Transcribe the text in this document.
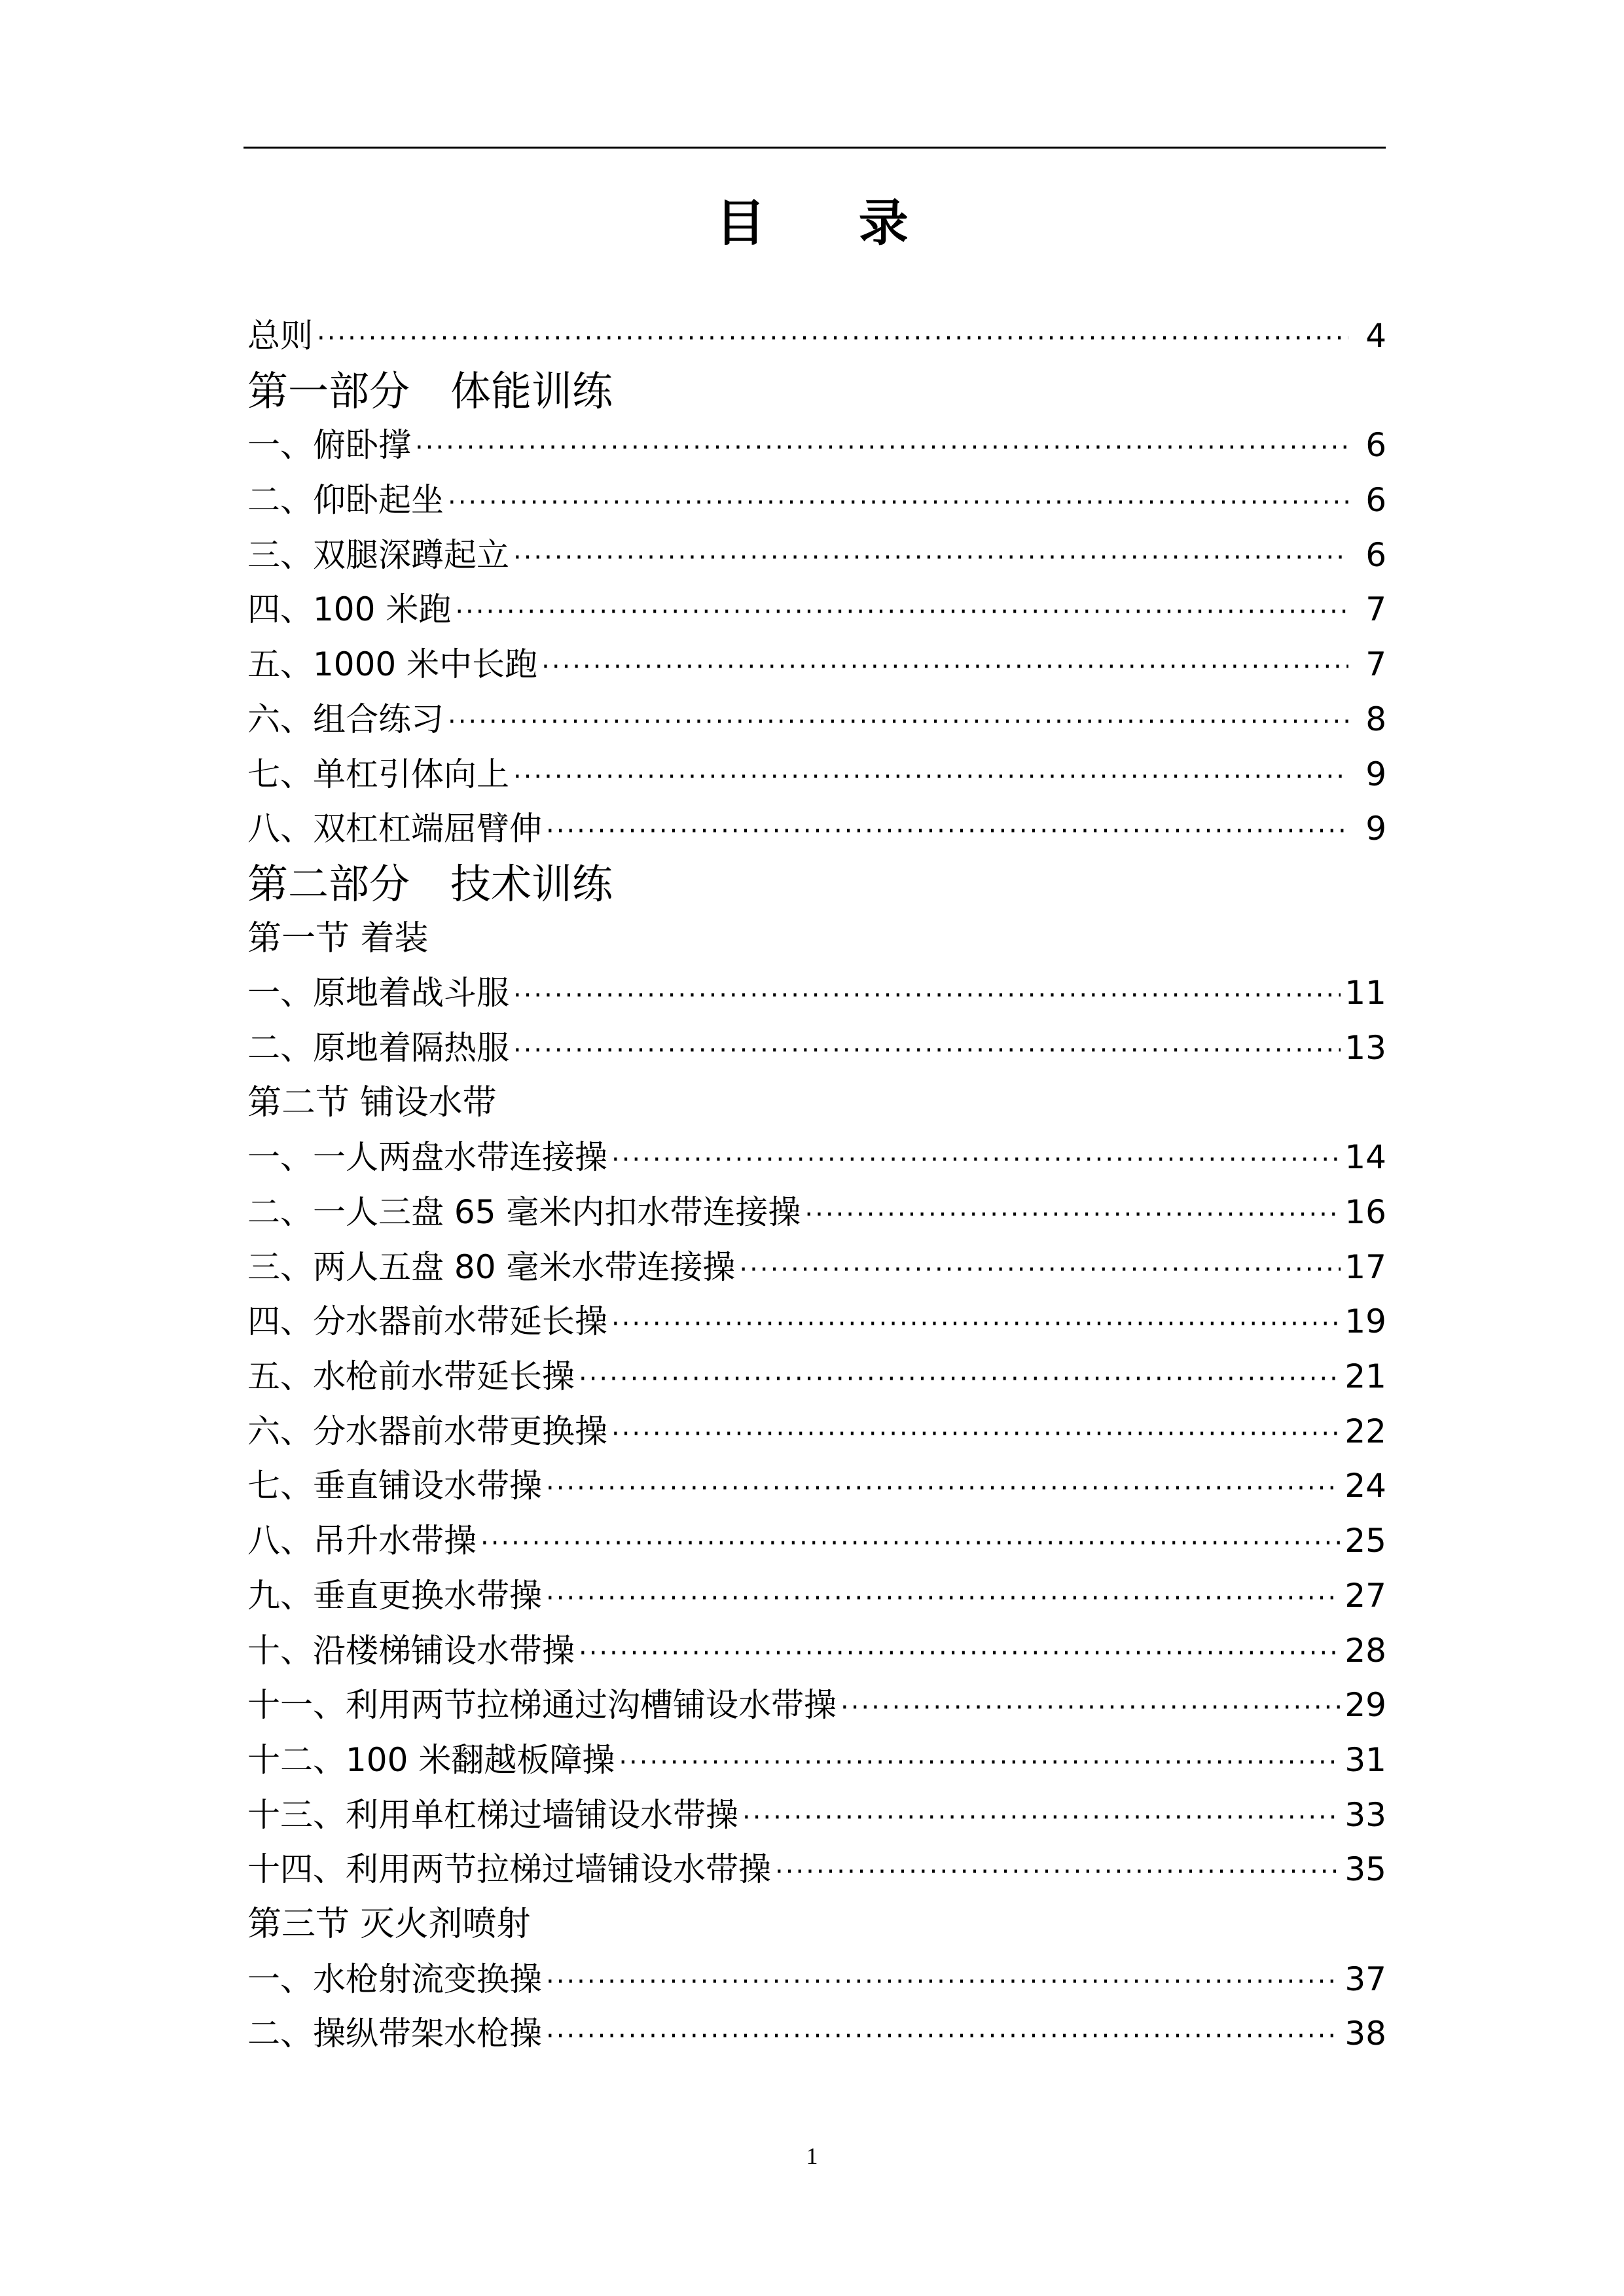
目 录
总则 ·····	4
第一部分　体能训练
一、俯卧撑 ·····	6
二、仰卧起坐 ·····	6
三、双腿深蹲起立 ·····	6
四、100 米跑 ·····	7
五、1000 米中长跑 ·····	7
六、组合练习 ·····	8
七、单杠引体向上 ·····	9
八、双杠杠端屈臂伸 ·····	9
第二部分　技术训练
第一节 着装
一、原地着战斗服 ·····	11
二、原地着隔热服 ·····	13
第二节 铺设水带
一、一人两盘水带连接操 ·····	14
二、一人三盘 65 毫米内扣水带连接操 ·····	16
三、两人五盘 80 毫米水带连接操 ·····	17
四、分水器前水带延长操 ·····	19
五、水枪前水带延长操 ·····	21
六、分水器前水带更换操 ·····	22
七、垂直铺设水带操 ·····	24
八、吊升水带操 ·····	25
九、垂直更换水带操 ·····	27
十、沿楼梯铺设水带操 ·····	28
十一、利用两节拉梯通过沟槽铺设水带操 ·····	29
十二、100 米翻越板障操 ·····	31
十三、利用单杠梯过墙铺设水带操 ·····	33
十四、利用两节拉梯过墙铺设水带操 ·····	35
第三节 灭火剂喷射
一、水枪射流变换操 ·····	37
二、操纵带架水枪操 ·····	38
1
